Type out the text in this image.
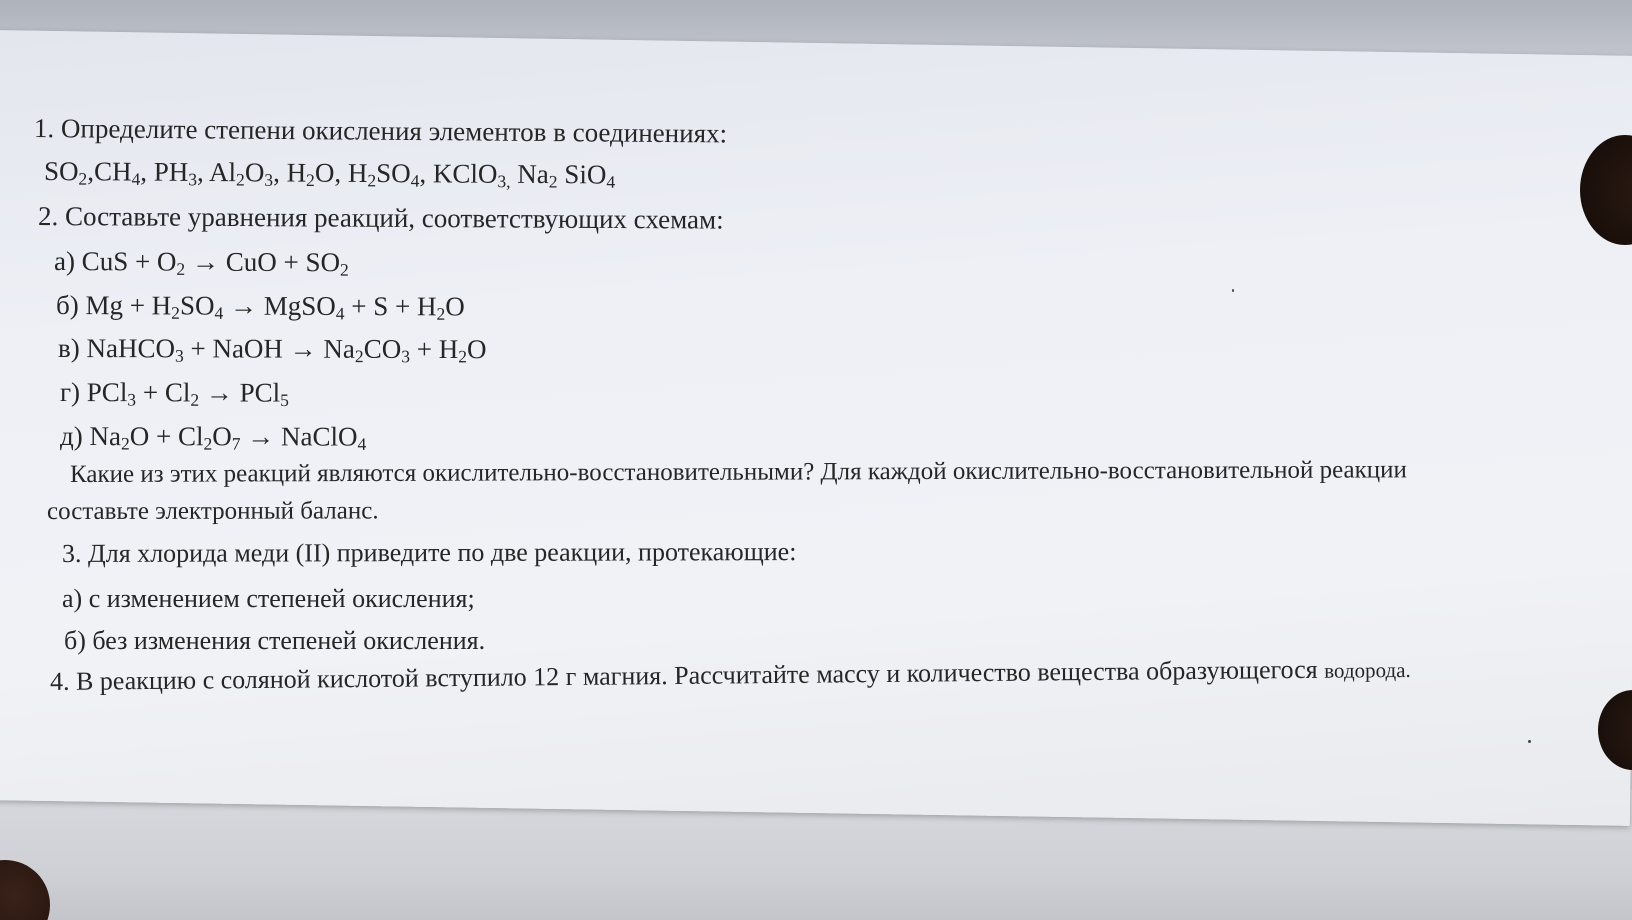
1. Определите степени окисления элементов в соединениях:
$SO_2,CH_4$, $PH_3$, $Al_2O_3$, $H_2O$, $H_2SO_4$, KClO$_{3,}$ $Na_2$ SiO$_4$
2. Составьте уравнения реакций, соответствующих схемам:
а) CuS + $O_2$ → CuO + $SO_2$
б) $Mg + H_2SO_4$ → MgSO$_4$ + $S + H_2O$
в) NaHCO$_3$ + NaOH → $Na_2CO_3 + H_2O$
г) $PCl_3 + Cl_2 \to PCl_5$
д) $Na_2O + Cl_2O_7$ → NaClO$_4$
Какие из этих реакций являются окислительно-восстановительными? Для каждой окислительно-восстановительной реакции
составьте электронный баланс.
3. Для хлорида меди (II) приведите по две реакции, протекающие:
а) с изменением степеней окисления;
б) без изменения степеней окисления.
4. В реакцию с соляной кислотой вступило 12 г магния. Рассчитайте массу и количество вещества образующегося водорода.
